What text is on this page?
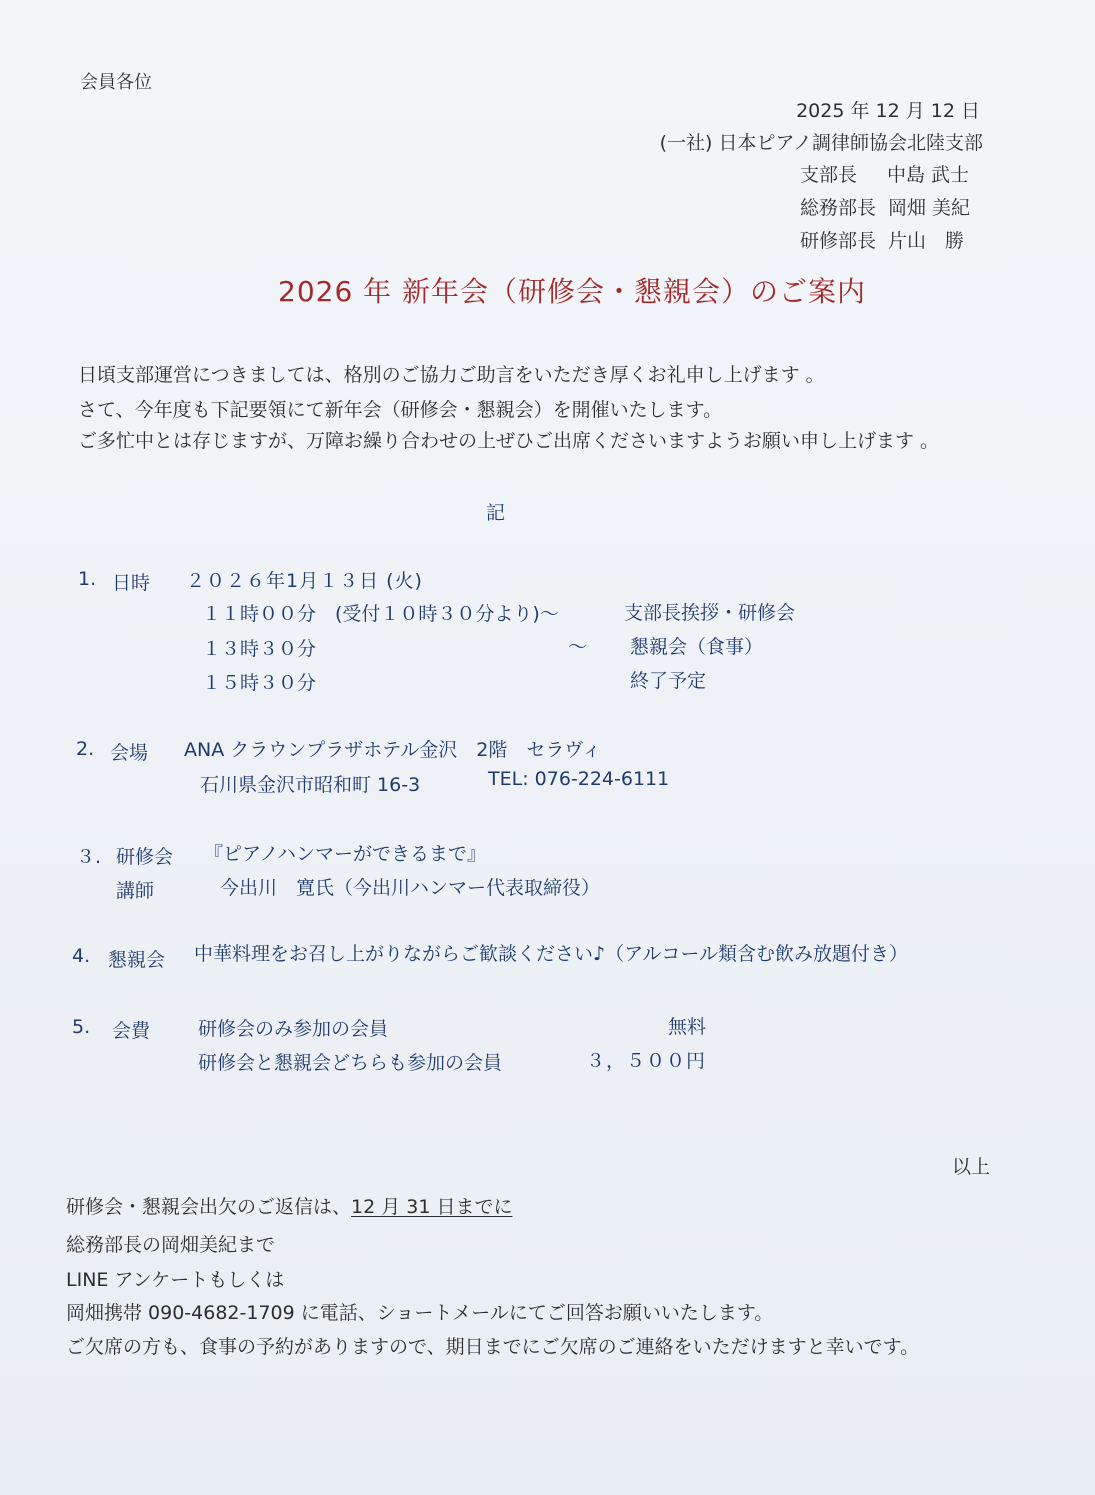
会員各位
2025 年 12 月 12 日
(一社) 日本ピアノ調律師協会北陸支部
支部長 中島 武士
総務部長 岡畑 美紀
研修部長 片山　勝
2026 年 新年会（研修会・懇親会）のご案内
日頃支部運営につきましては、格別のご協力ご助言をいただき厚くお礼申し上げます 。
さて、今年度も下記要領にて新年会（研修会・懇親会）を開催いたします。
ご多忙中とは存じますが、万障お繰り合わせの上ぜひご出席くださいますようお願い申し上げます 。
記
1. 日時 ２０２６年1月１３日 (火)
１１時００分　(受付１０時３０分より)～	支部長挨拶・研修会
１３時３０分	～ 懇親会（食事）
１５時３０分	終了予定
2. 会場 ANA クラウンプラザホテル金沢　2階　セラヴィ
石川県金沢市昭和町 16-3	TEL: 076-224-6111
３. 研修会 『ピアノハンマーができるまで』
講師	今出川　寛氏（今出川ハンマー代表取締役）
4. 懇親会 中華料理をお召し上がりながらご歓談ください♪（アルコール類含む飲み放題付き）
5. 会費	研修会のみ参加の会員	無料
研修会と懇親会どちらも参加の会員	３，５００円
以上
研修会・懇親会出欠のご返信は、12 月 31 日までに
総務部長の岡畑美紀まで
LINE アンケートもしくは
岡畑携帯 090-4682-1709 に電話、ショートメールにてご回答お願いいたします。
ご欠席の方も、食事の予約がありますので、期日までにご欠席のご連絡をいただけますと幸いです。
